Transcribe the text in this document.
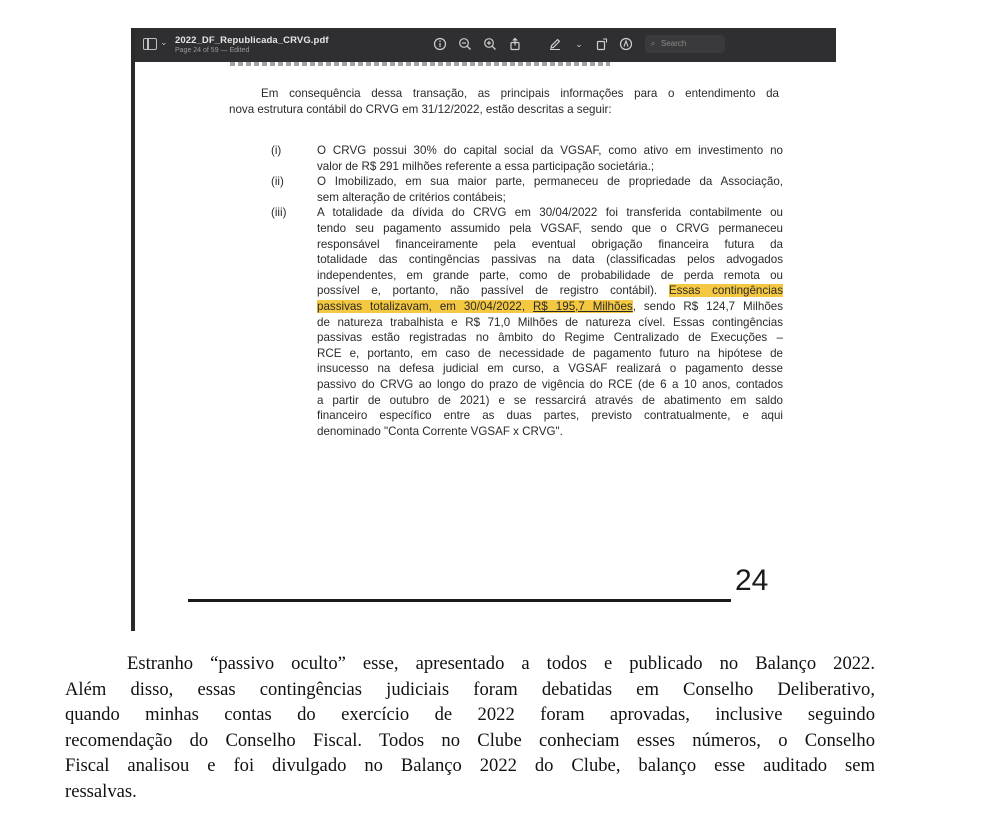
⌄ 2022_DF_Republicada_CRVG.pdf
Page 24 of 59 — Edited
⌄	⌕ Search
Em consequência dessa transação, as principais informações para o entendimento da
nova estrutura contábil do CRVG em 31/12/2022, estão descritas a seguir:
(i)	O CRVG possui 30% do capital social da VGSAF, como ativo em investimento no
valor de R$ 291 milhões referente a essa participação societária.;
(ii)	O Imobilizado, em sua maior parte, permaneceu de propriedade da Associação,
sem alteração de critérios contábeis;
(iii)	A totalidade da dívida do CRVG em 30/04/2022 foi transferida contabilmente ou
tendo seu pagamento assumido pela VGSAF, sendo que o CRVG permaneceu
responsável financeiramente pela eventual obrigação financeira futura da
totalidade das contingências passivas na data (classificadas pelos advogados
independentes, em grande parte, como de probabilidade de perda remota ou
possível e, portanto, não passível de registro contábil). Essas contingências
passivas totalizavam, em 30/04/2022, R$ 195,7 Milhões, sendo R$ 124,7 Milhões
de natureza trabalhista e R$ 71,0 Milhões de natureza cível. Essas contingências
passivas estão registradas no âmbito do Regime Centralizado de Execuções –
RCE e, portanto, em caso de necessidade de pagamento futuro na hipótese de
insucesso na defesa judicial em curso, a VGSAF realizará o pagamento desse
passivo do CRVG ao longo do prazo de vigência do RCE (de 6 a 10 anos, contados
a partir de outubro de 2021) e se ressarcirá através de abatimento em saldo
financeiro específico entre as duas partes, previsto contratualmente, e aqui
denominado "Conta Corrente VGSAF x CRVG".
24
Estranho “passivo oculto” esse, apresentado a todos e publicado no Balanço 2022.
Além disso, essas contingências judiciais foram debatidas em Conselho Deliberativo,
quando minhas contas do exercício de 2022 foram aprovadas, inclusive seguindo
recomendação do Conselho Fiscal. Todos no Clube conheciam esses números, o Conselho
Fiscal analisou e foi divulgado no Balanço 2022 do Clube, balanço esse auditado sem
ressalvas.
